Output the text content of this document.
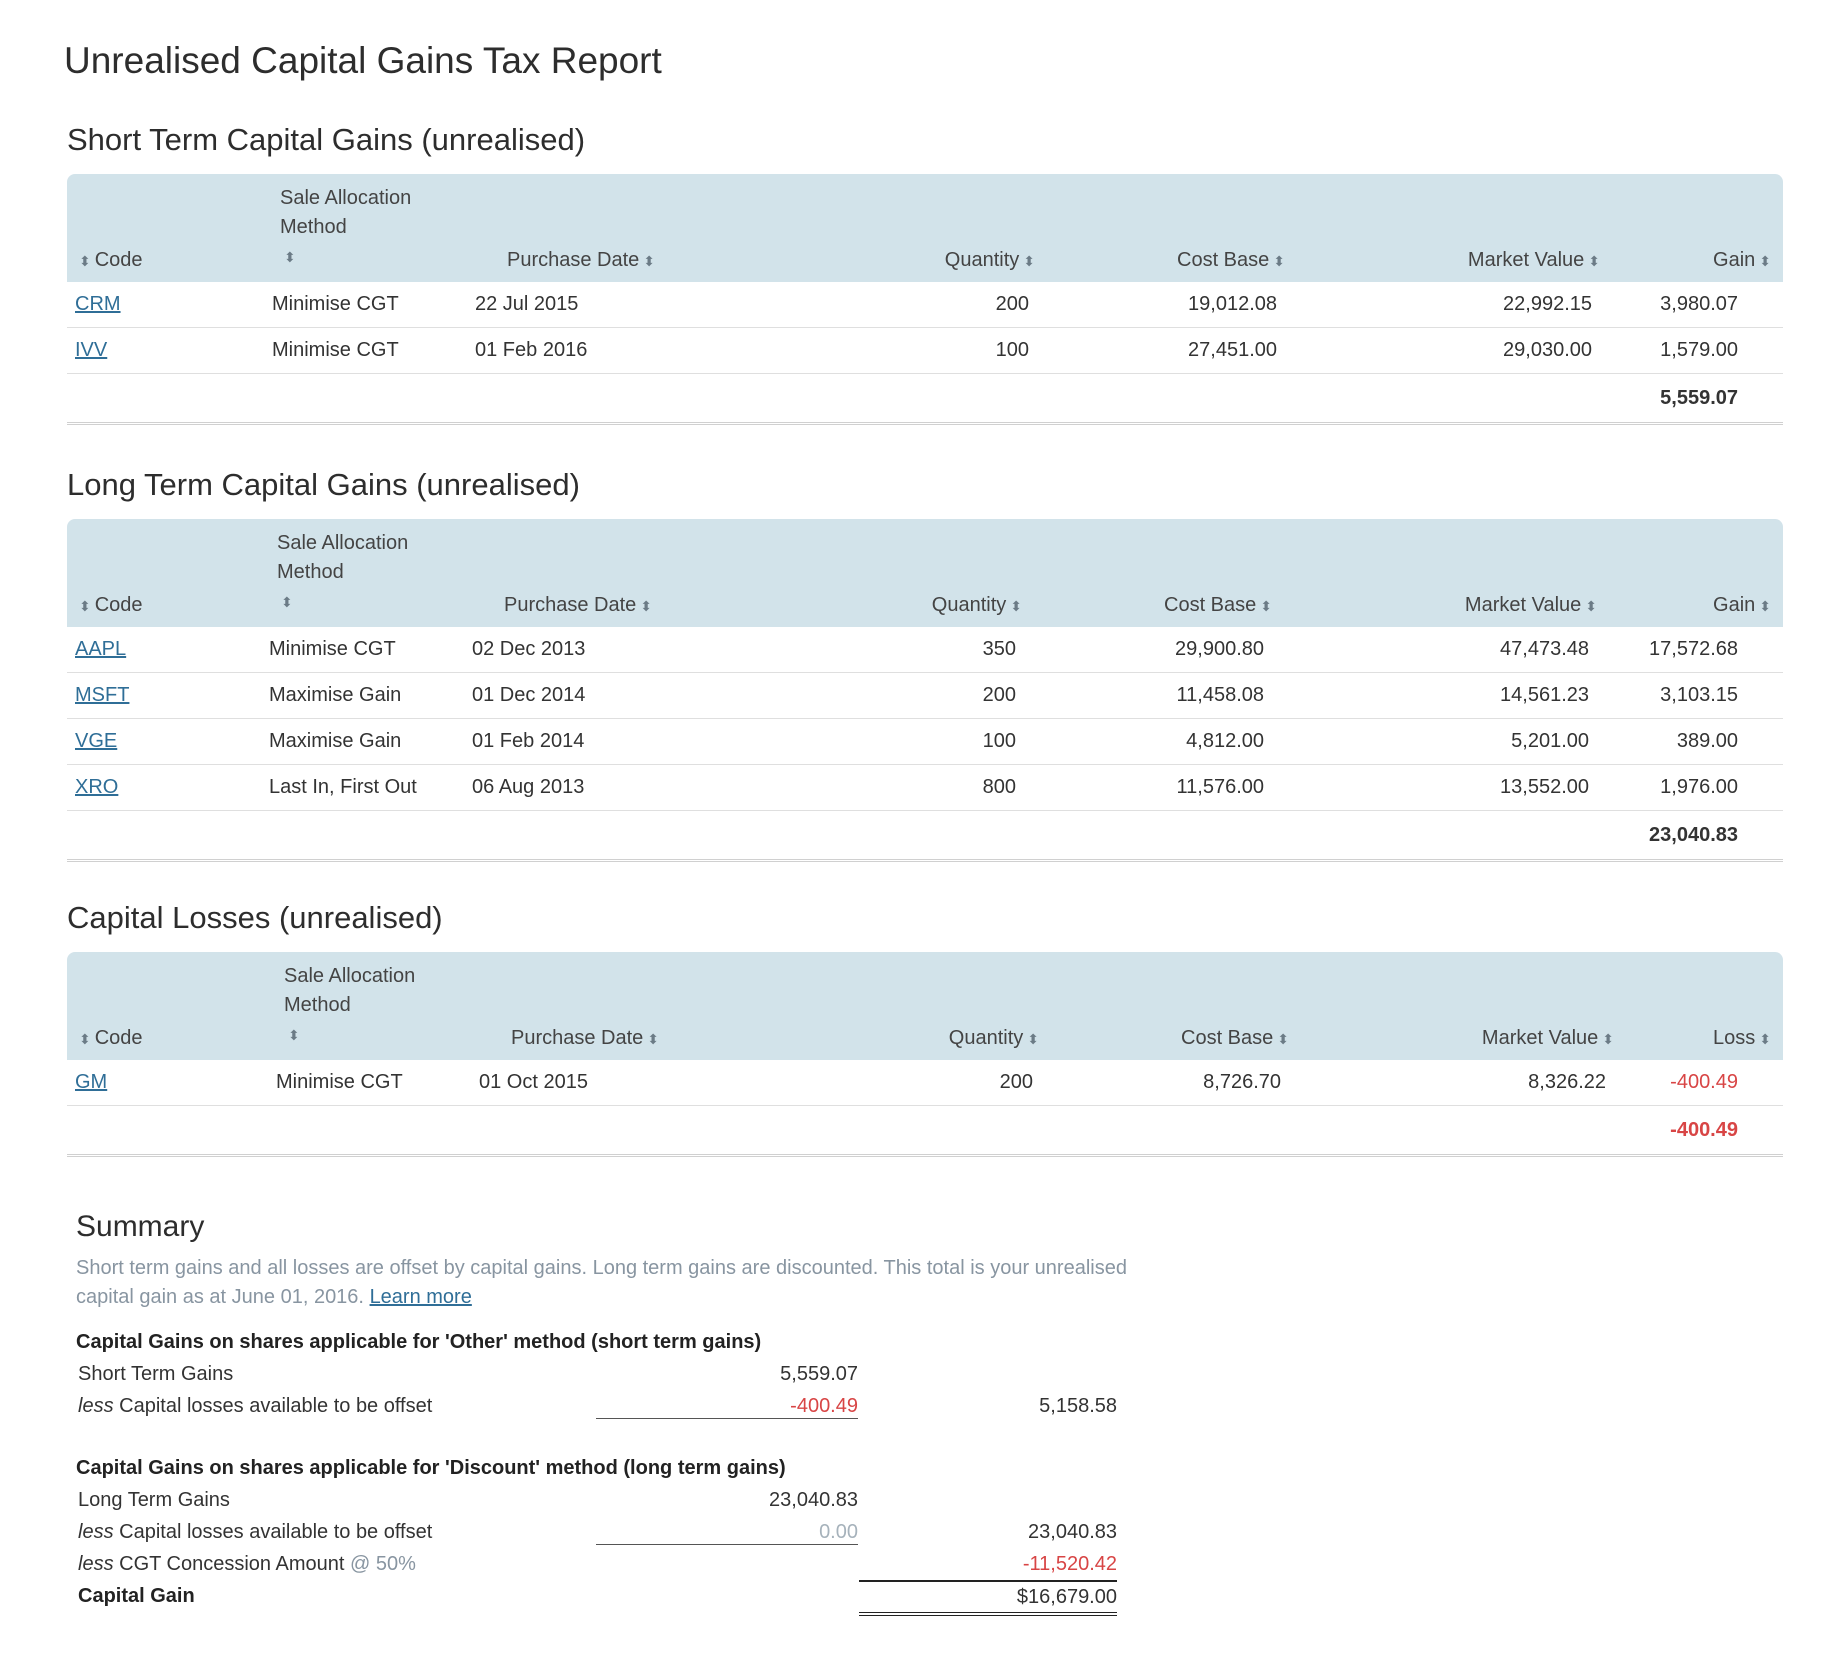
Unrealised Capital Gains Tax Report
Short Term Capital Gains (unrealised)
⬍ Code	Sale Allocation Method
⬍	Purchase Date ⬍	Quantity ⬍	Cost Base ⬍	Market Value ⬍	Gain ⬍
CRM	Minimise CGT	22 Jul 2015	200	19,012.08	22,992.15	3,980.07
IVV	Minimise CGT	01 Feb 2016	100	27,451.00	29,030.00	1,579.00
5,559.07						
Long Term Capital Gains (unrealised)
⬍ Code	Sale Allocation Method
⬍	Purchase Date ⬍	Quantity ⬍	Cost Base ⬍	Market Value ⬍	Gain ⬍
AAPL	Minimise CGT	02 Dec 2013	350	29,900.80	47,473.48	17,572.68
MSFT	Maximise Gain	01 Dec 2014	200	11,458.08	14,561.23	3,103.15
VGE	Maximise Gain	01 Feb 2014	100	4,812.00	5,201.00	389.00
XRO	Last In, First Out	06 Aug 2013	800	11,576.00	13,552.00	1,976.00
23,040.83						
Capital Losses (unrealised)
⬍ Code	Sale Allocation Method
⬍	Purchase Date ⬍	Quantity ⬍	Cost Base ⬍	Market Value ⬍	Loss ⬍
GM	Minimise CGT	01 Oct 2015	200	8,726.70	8,326.22	-400.49
-400.49						
Summary

Short term gains and all losses are offset by capital gains. Long term gains are discounted. This total is your unrealised capital gain as at June 01, 2016. Learn more

Capital Gains on shares applicable for 'Other' method (short term gains)
Short Term Gains	5,559.07
less Capital losses available to be offset	-400.49	5,158.58
Capital Gains on shares applicable for 'Discount' method (long term gains)
Long Term Gains	23,040.83
less Capital losses available to be offset	0.00	23,040.83
less CGT Concession Amount @ 50%	-11,520.42
Capital Gain	$16,679.00
